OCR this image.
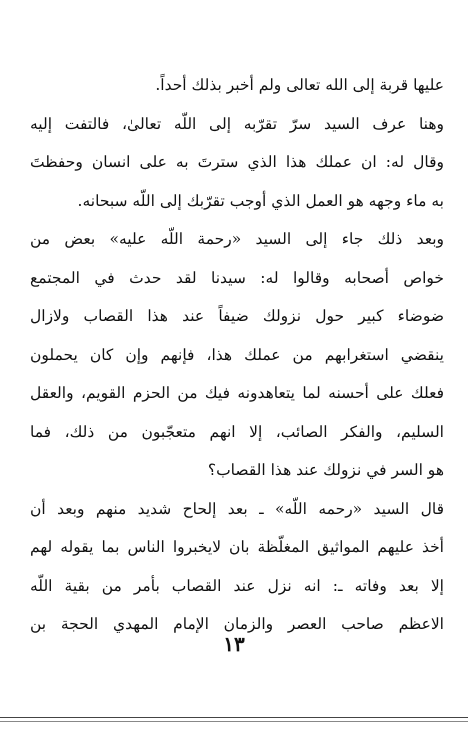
عليها قربة إلى الله تعالى ولم أخبر بذلك أحداً.
وهنا عرف السيد سرّ تقرّبه إلى اللّه تعالىٰ، فالتفت إليه
وقال له: ان عملك هذا الذي سترتَ به على انسان وحفظتَ
به ماء وجهه هو العمل الذي أوجب تقرّبك إلى اللّه سبحانه.
وبعد ذلك جاء إلى السيد «رحمة اللّه عليه» بعض من
خواص أصحابه وقالوا له: سيدنا لقد حدث في المجتمع
ضوضاء كبير حول نزولك ضيفاً عند هذا القصاب ولازال
ينقضي استغرابهم من عملك هذا، فإنهم وإن كان يحملون
فعلك على أحسنه لما يتعاهدونه فيك من الحزم القويم، والعقل
السليم، والفكر الصائب، إلا انهم متعجّبون من ذلك، فما
هو السر في نزولك عند هذا القصاب؟
قال السيد «رحمه اللّه» ـ بعد إلحاح شديد منهم وبعد أن
أخذ عليهم المواثيق المغلّظة بان لايخبروا الناس بما يقوله لهم
إلا بعد وفاته ـ: انه نزل عند القصاب بأمر من بقية اللّه
الاعظم صاحب العصر والزمان الإمام المهدي الحجة بن
١٣
